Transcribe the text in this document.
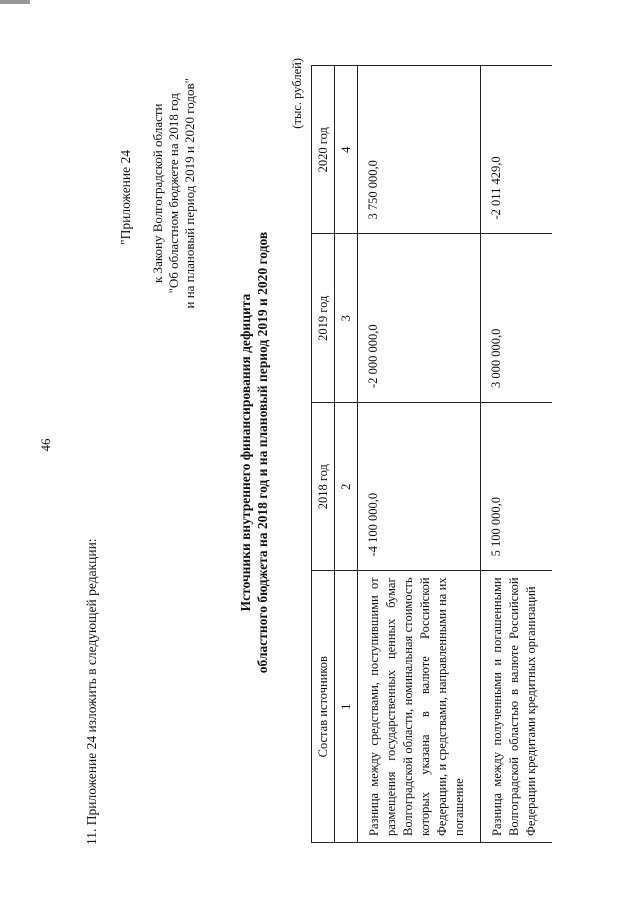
46
11. Приложение 24 изложить в следующей редакции:
"Приложение 24 к Закону Волгоградской области "Об областном бюджете на 2018 год и на плановый период 2019 и 2020 годов"
Источники внутреннего финансирования дефицита областного бюджета на 2018 год и на плановый период 2019 и 2020 годов
(тыс. рублей)
Состав источников	2018 год	2019 год	2020 год
1	2	3	4
Разница между средствами, поступившими от размещения государственных ценных бумаг Волгоградской области, номинальная стоимость которых указана в валюте Российской Федерации, и средствами, направленными на их погашение	-4 100 000,0	-2 000 000,0	3 750 000,0
Разница между полученными и погашенными Волгоградской областью в валюте Российской Федерации кредитами кредитных организаций	5 100 000,0	3 000 000,0	-2 011 429,0
